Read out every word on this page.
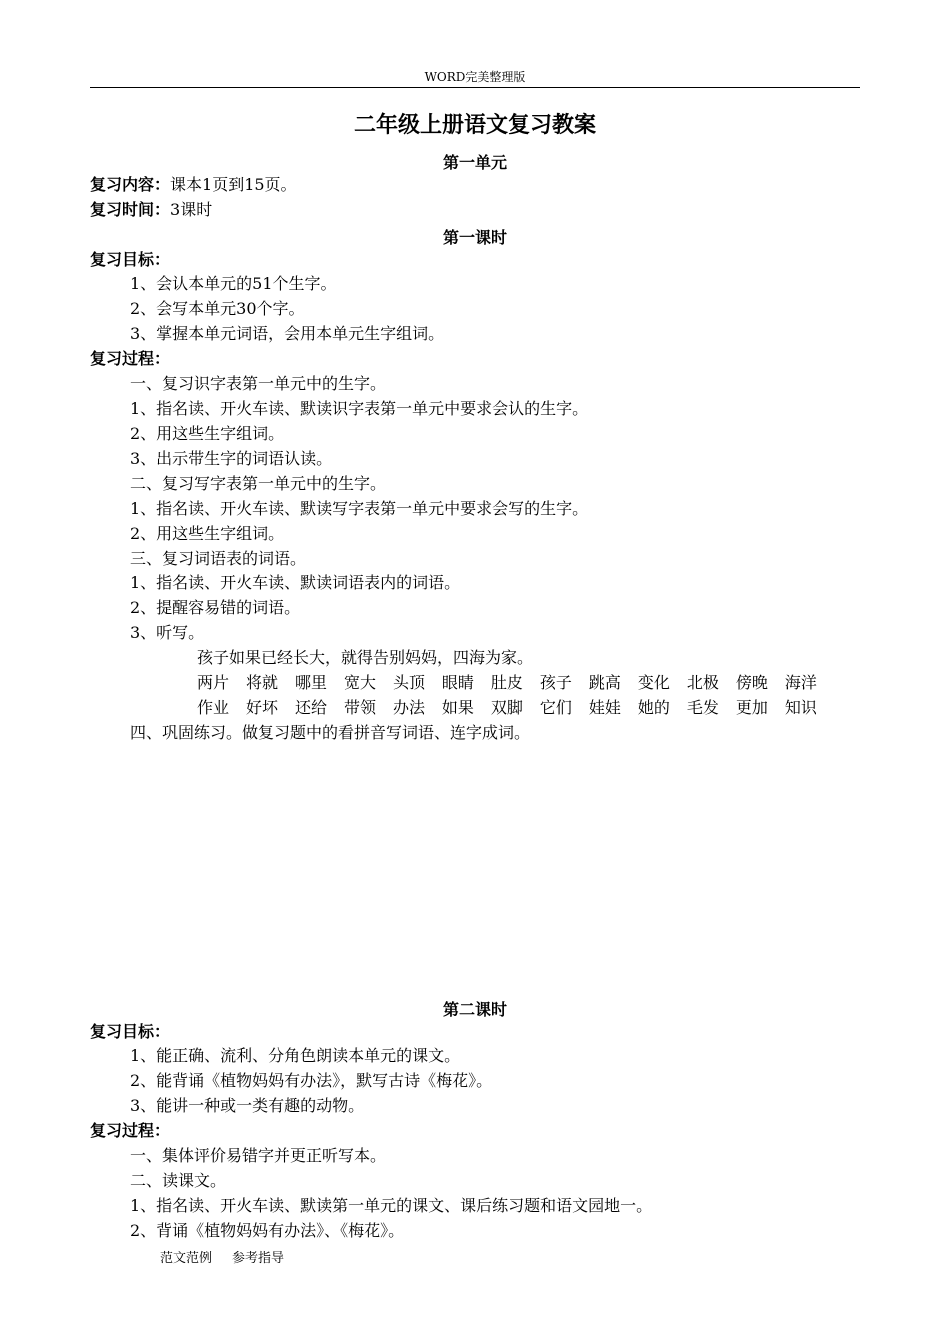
WORD完美整理版
二年级上册语文复习教案
第一单元
复习内容：课本1页到15页。
复习时间：3课时
第一课时
复习目标：
1、会认本单元的51个生字。
2、会写本单元30个字。
3、掌握本单元词语，会用本单元生字组词。
复习过程：
一、复习识字表第一单元中的生字。
1、指名读、开火车读、默读识字表第一单元中要求会认的生字。
2、用这些生字组词。
3、出示带生字的词语认读。
二、复习写字表第一单元中的生字。
1、指名读、开火车读、默读写字表第一单元中要求会写的生字。
2、用这些生字组词。
三、复习词语表的词语。
1、指名读、开火车读、默读词语表内的词语。
2、提醒容易错的词语。
3、听写。
孩子如果已经长大，就得告别妈妈，四海为家。
两片 将就 哪里 宽大 头顶 眼睛 肚皮 孩子 跳高 变化 北极 傍晚 海洋
作业 好坏 还给 带领 办法 如果 双脚 它们 娃娃 她的 毛发 更加 知识
四、巩固练习。做复习题中的看拼音写词语、连字成词。
第二课时
复习目标：
1、能正确、流利、分角色朗读本单元的课文。
2、能背诵《植物妈妈有办法》，默写古诗《梅花》。
3、能讲一种或一类有趣的动物。
复习过程：
一、集体评价易错字并更正听写本。
二、读课文。
1、指名读、开火车读、默读第一单元的课文、课后练习题和语文园地一。
2、背诵《植物妈妈有办法》、《梅花》。
范文范例 参考指导
